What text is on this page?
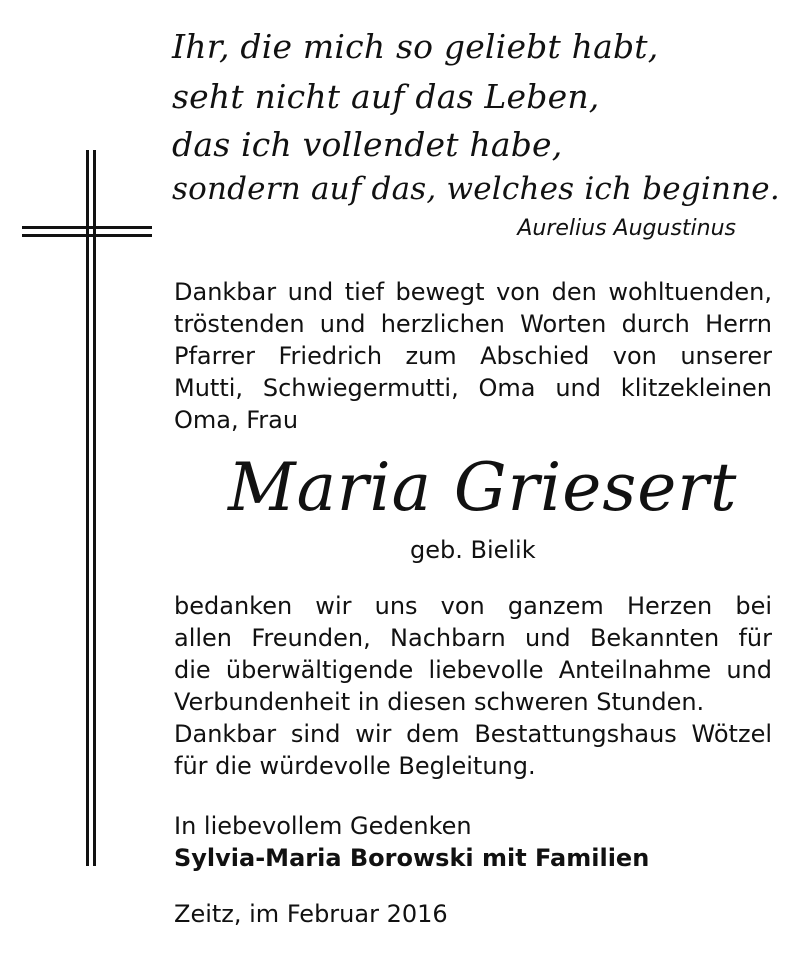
Ihr, die mich so geliebt habt,
seht nicht auf das Leben,
das ich vollendet habe,
sondern auf das, welches ich beginne.
Aurelius Augustinus
Dankbar und tief bewegt von den wohltuenden,
tröstenden und herzlichen Worten durch Herrn
Pfarrer Friedrich zum Abschied von unserer
Mutti, Schwiegermutti, Oma und klitzekleinen
Oma, Frau
Maria Griesert
geb. Bielik
bedanken wir uns von ganzem Herzen bei
allen Freunden, Nachbarn und Bekannten für
die überwältigende liebevolle Anteilnahme und
Verbundenheit in diesen schweren Stunden.
Dankbar sind wir dem Bestattungshaus Wötzel
für die würdevolle Begleitung.
In liebevollem Gedenken
Sylvia-Maria Borowski mit Familien
Zeitz, im Februar 2016
